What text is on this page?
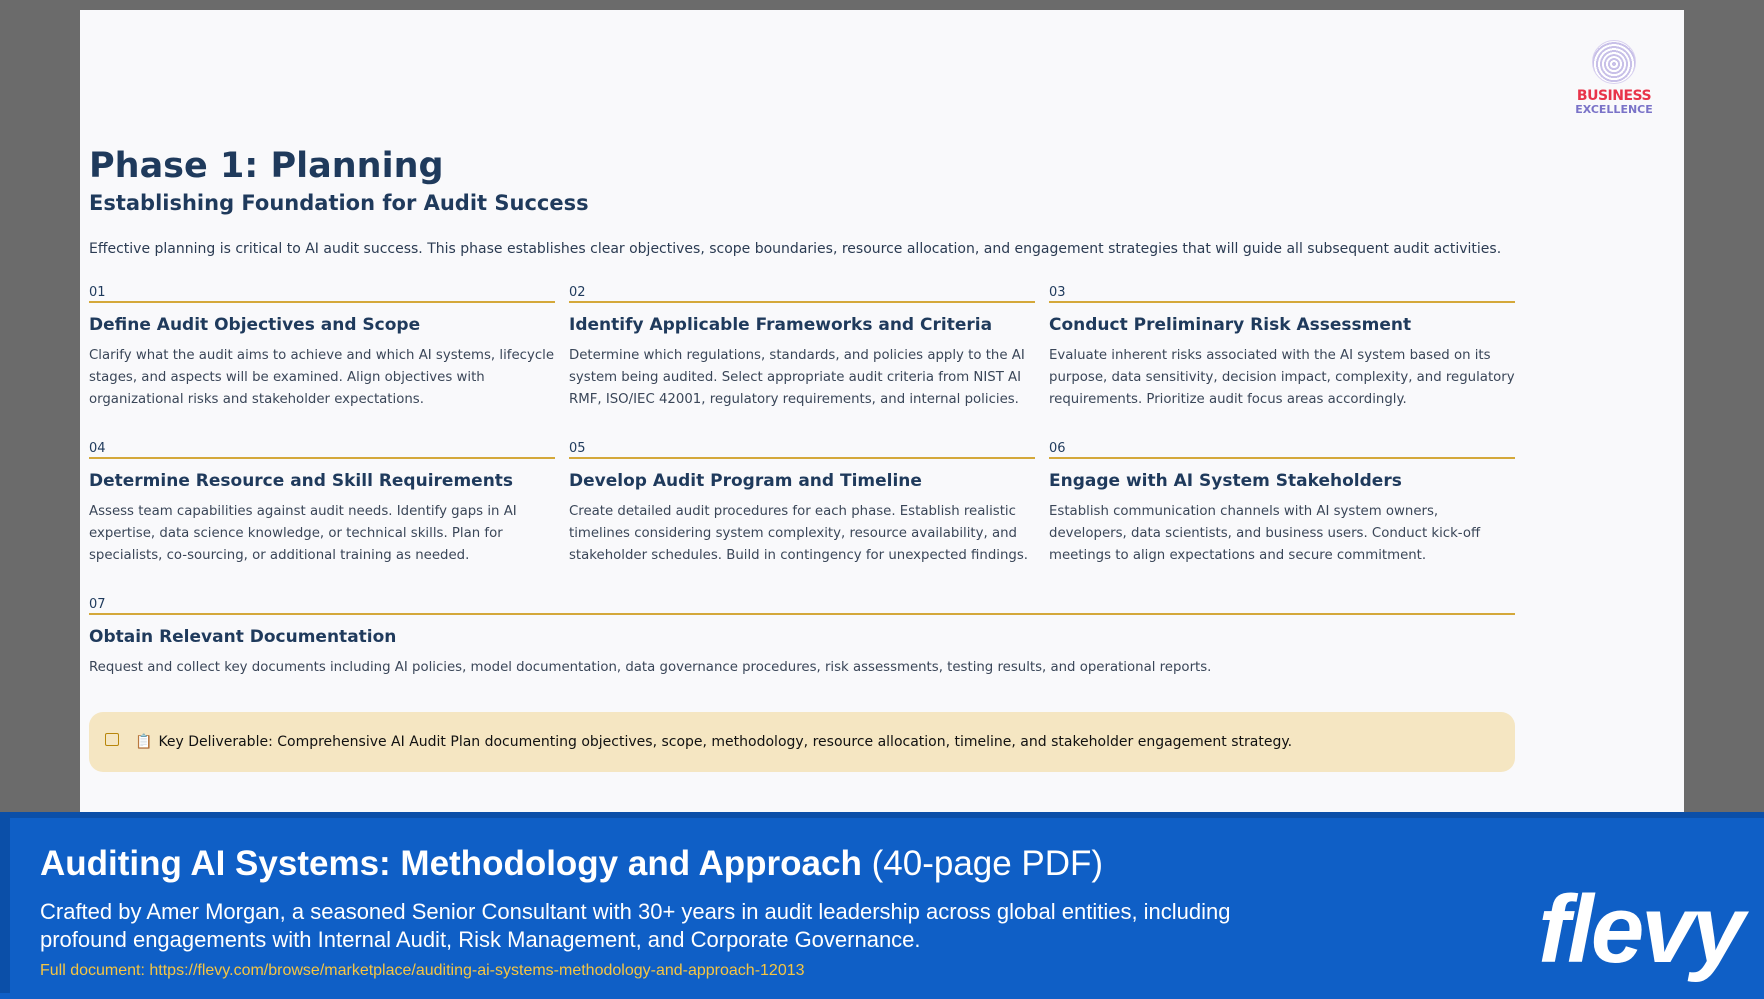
BUSINESS
EXCELLENCE
Phase 1: Planning
Establishing Foundation for Audit Success
Effective planning is critical to AI audit success. This phase establishes clear objectives, scope boundaries, resource allocation, and engagement strategies that will guide all subsequent audit activities.
01
Define Audit Objectives and Scope
Clarify what the audit aims to achieve and which AI systems, lifecycle stages, and aspects will be examined. Align objectives with organizational risks and stakeholder expectations.
02
Identify Applicable Frameworks and Criteria
Determine which regulations, standards, and policies apply to the AI system being audited. Select appropriate audit criteria from NIST AI RMF, ISO/IEC 42001, regulatory requirements, and internal policies.
03
Conduct Preliminary Risk Assessment
Evaluate inherent risks associated with the AI system based on its purpose, data sensitivity, decision impact, complexity, and regulatory requirements. Prioritize audit focus areas accordingly.
04
Determine Resource and Skill Requirements
Assess team capabilities against audit needs. Identify gaps in AI expertise, data science knowledge, or technical skills. Plan for specialists, co-sourcing, or additional training as needed.
05
Develop Audit Program and Timeline
Create detailed audit procedures for each phase. Establish realistic timelines considering system complexity, resource availability, and stakeholder schedules. Build in contingency for unexpected findings.
06
Engage with AI System Stakeholders
Establish communication channels with AI system owners, developers, data scientists, and business users. Conduct kick-off meetings to align expectations and secure commitment.
07
Obtain Relevant Documentation
Request and collect key documents including AI policies, model documentation, data governance procedures, risk assessments, testing results, and operational reports.
📋 Key Deliverable: Comprehensive AI Audit Plan documenting objectives, scope, methodology, resource allocation, timeline, and stakeholder engagement strategy.
Auditing AI Systems: Methodology and Approach (40-page PDF)
Crafted by Amer Morgan, a seasoned Senior Consultant with 30+ years in audit leadership across global entities, including profound engagements with Internal Audit, Risk Management, and Corporate Governance.
Full document: https://flevy.com/browse/marketplace/auditing-ai-systems-methodology-and-approach-12013	flevy
